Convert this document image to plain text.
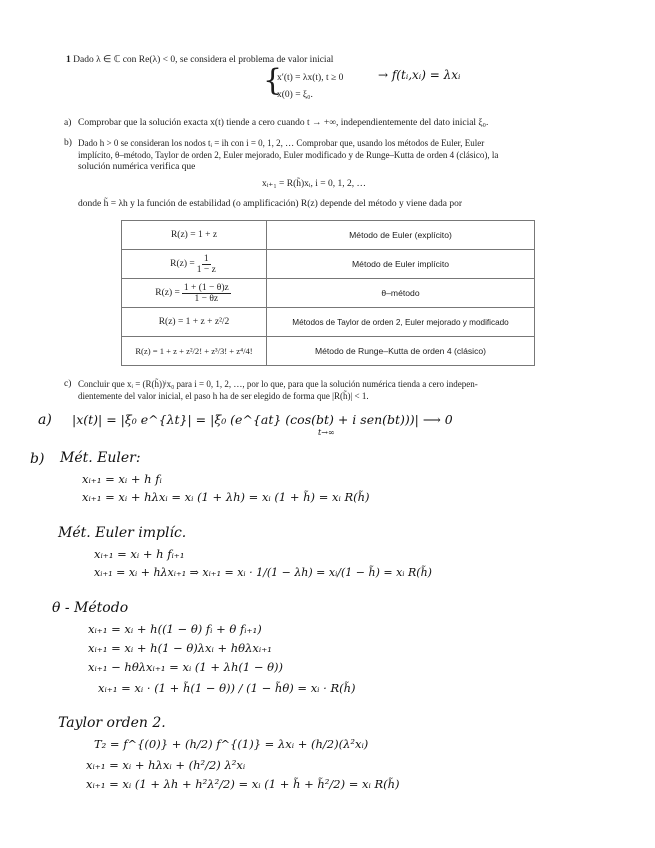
1 Dado λ ∈ ℂ con Re(λ) < 0, se considera el problema de valor inicial
{
x′(t) = λx(t), t ≥ 0
x(0) = ξ₀.
→ f(tᵢ,xᵢ) = λxᵢ
a) Comprobar que la solución exacta x(t) tiende a cero cuando t → +∞, independientemente del dato inicial ξ₀.
b) Dado h > 0 se consideran los nodos tᵢ = ih con i = 0, 1, 2, … Comprobar que, usando los métodos de Euler, Euler
implícito, θ–método, Taylor de orden 2, Euler mejorado, Euler modificado y de Runge–Kutta de orden 4 (clásico), la
solución numérica verifica que
xᵢ₊₁ = R(h̃)xᵢ, i = 0, 1, 2, …
donde h̃ = λh y la función de estabilidad (o amplificación) R(z) depende del método y viene dada por
R(z) = 1 + z	Método de Euler (explícito)

$R(z) = \frac{1}{1 - z}$	Método de Euler implícito

$R(z) = \frac{1 + (1 - \theta)z}{1 - \theta z}$	θ–método

R(z) = 1 + z + z²/2	Métodos de Taylor de orden 2, Euler mejorado y modificado

R(z) = 1 + z + z²/2! + z³/3! + z⁴/4!	Método de Runge–Kutta de orden 4 (clásico)
c) Concluir que xᵢ = (R(h̃))ⁱx₀ para i = 0, 1, 2, …, por lo que, para que la solución numérica tienda a cero indepen-
dientemente del valor inicial, el paso h ha de ser elegido de forma que |R(h̃)| < 1.
a) |x(t)| = |ξ₀ e^{λt}| = |ξ₀ (e^{at} (cos(bt) + i sen(bt)))| ⟶ 0
t→∞
b) Mét. Euler:
xᵢ₊₁ = xᵢ + h fᵢ
xᵢ₊₁ = xᵢ + hλxᵢ = xᵢ (1 + λh) = xᵢ (1 + h̃) = xᵢ R(h̃)
Mét. Euler implíc.
xᵢ₊₁ = xᵢ + h fᵢ₊₁
xᵢ₊₁ = xᵢ + hλxᵢ₊₁ ⇒ xᵢ₊₁ = xᵢ · 1/(1 − λh) = xᵢ/(1 − h̃) = xᵢ R(h̃)
θ - Método
xᵢ₊₁ = xᵢ + h((1 − θ) fᵢ + θ fᵢ₊₁)
xᵢ₊₁ = xᵢ + h(1 − θ)λxᵢ + hθλxᵢ₊₁
xᵢ₊₁ − hθλxᵢ₊₁ = xᵢ (1 + λh(1 − θ))
xᵢ₊₁ = xᵢ · (1 + h̃(1 − θ)) / (1 − h̃θ) = xᵢ · R(h̃)
Taylor orden 2.
T₂ = f^{(0)} + (h/2) f^{(1)} = λxᵢ + (h/2)(λ²xᵢ)
xᵢ₊₁ = xᵢ + hλxᵢ + (h²/2) λ²xᵢ
xᵢ₊₁ = xᵢ (1 + λh + h²λ²/2) = xᵢ (1 + h̃ + h̃²/2) = xᵢ R(h̃)
